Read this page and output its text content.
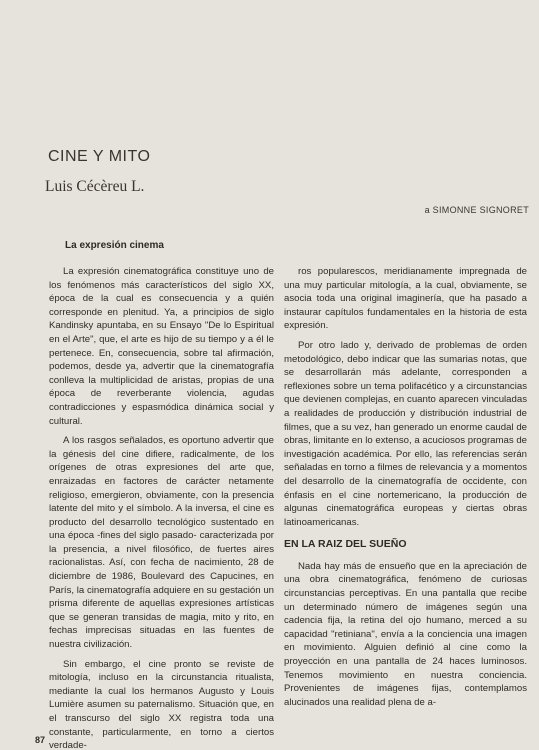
CINE Y MITO
Luis Cécèreu L.
a SIMONNE SIGNORET
La expresión cinema

La expresión cinematográfica constituye uno de los fenómenos más característicos del siglo XX, época de la cual es consecuencia y a quién corresponde en plenitud. Ya, a principios de siglo Kandinsky apuntaba, en su Ensayo "De lo Espiritual en el Arte", que, el arte es hijo de su tiempo y a él le pertenece. En, consecuencia, sobre tal afirmación, podemos, desde ya, advertir que la cinematografía conlleva la multiplicidad de aristas, propias de una época de reverberante violencia, agudas contradicciones y espasmódica dinámica social y cultural.

A los rasgos señalados, es oportuno advertir que la génesis del cine difiere, radicalmente, de los orígenes de otras expresiones del arte que, enraizadas en factores de carácter netamente religioso, emergieron, obviamente, con la presencia latente del mito y el símbolo. A la inversa, el cine es producto del desarrollo tecnológico sustentado en una época -fines del siglo pasado- caracterizada por la presencia, a nivel filosófico, de fuertes aires racionalistas. Así, con fecha de nacimiento, 28 de diciembre de 1986, Boulevard des Capucines, en París, la cinematografía adquiere en su gestación un prisma diferente de aquellas expresiones artísticas que se generan transidas de magia, mito y rito, en fechas imprecisas situadas en las fuentes de nuestra civilización.

Sin embargo, el cine pronto se reviste de mitología, incluso en la circunstancia ritualista, mediante la cual los hermanos Augusto y Louis Lumière asumen su paternalismo. Situación que, en el transcurso del siglo XX registra toda una constante, particularmente, en torno a ciertos verdade-

ros popularescos, meridianamente impregnada de una muy particular mitología, a la cual, obviamente, se asocia toda una original imaginería, que ha pasado a instaurar capítulos fundamentales en la historia de esta expresión.

Por otro lado y, derivado de problemas de orden metodológico, debo indicar que las sumarias notas, que se desarrollarán más adelante, corresponden a reflexiones sobre un tema polifacético y a circunstancias que devienen complejas, en cuanto aparecen vinculadas a realidades de producción y distribución industrial de filmes, que a su vez, han generado un enorme caudal de obras, limitante en lo extenso, a acuciosos programas de investigación académica. Por ello, las referencias serán señaladas en torno a filmes de relevancia y a momentos del desarrollo de la cinematografía de occidente, con énfasis en el cine nortemericano, la producción de algunas cinematográfica europeas y ciertas obras latinoamericanas.

EN LA RAIZ DEL SUEÑO

Nada hay más de ensueño que en la apreciación de una obra cinematográfica, fenómeno de curiosas circunstancias perceptivas. En una pantalla que recibe un determinado número de imágenes según una cadencia fija, la retina del ojo humano, merced a su capacidad "retiniana", envía a la conciencia una imagen en movimiento. Alguien definió al cine como la proyección en una pantalla de 24 haces luminosos. Tenemos movimiento en nuestra conciencia. Provenientes de imágenes fijas, contemplamos alucinados una realidad plena de a-

87
